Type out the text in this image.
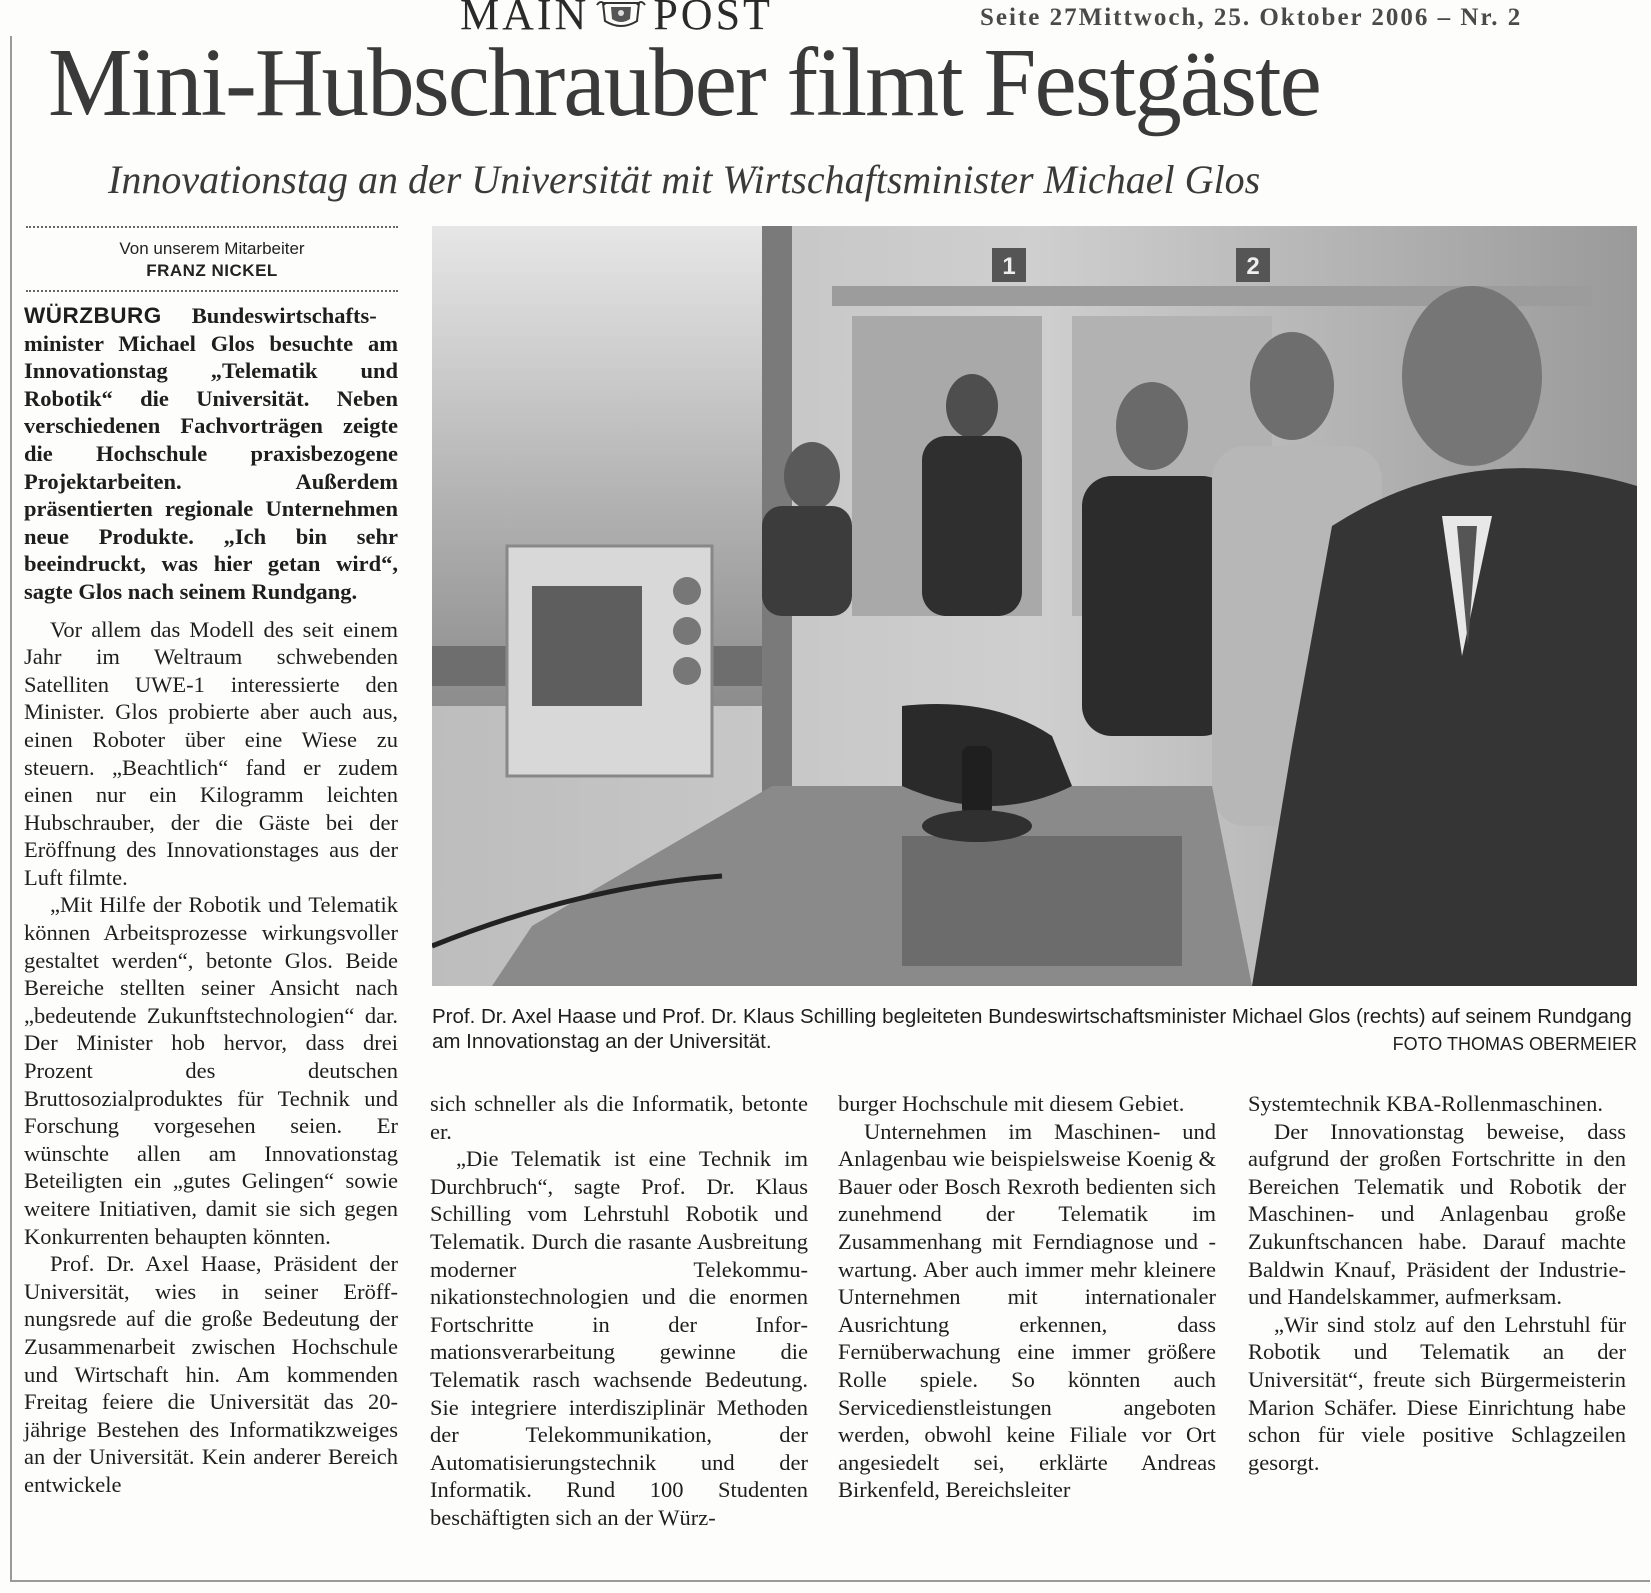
MAIN POST	Seite 27Mittwoch, 25. Oktober 2006 – Nr. 2
Mini-Hubschrauber filmt Festgäste
Innovationstag an der Universität mit Wirtschaftsminister Michael Glos
Von unserem Mitarbeiter
FRANZ NICKEL

WÜRZBURG Bundeswirtschaftsminister Michael Glos besuchte am Innovationstag „Telematik und Robotik“ die Universität. Neben verschiedenen Fachvorträgen zeigte die Hochschule praxisbezogene Projektarbeiten. Außerdem präsentierten regionale Unternehmen neue Produkte. „Ich bin sehr beeindruckt, was hier getan wird“, sagte Glos nach seinem Rundgang.

Vor allem das Modell des seit einem Jahr im Weltraum schwebenden Satelliten UWE-1 interessierte den Minister. Glos probierte aber auch aus, einen Roboter über eine Wiese zu steuern. „Beachtlich“ fand er zudem einen nur ein Kilogramm leichten Hubschrauber, der die Gäste bei der Eröffnung des Innovationstages aus der Luft filmte.

„Mit Hilfe der Robotik und Telematik können Arbeitsprozesse wirkungsvoller gestaltet werden“, betonte Glos. Beide Bereiche stellten seiner Ansicht nach „bedeutende Zukunftstechnologien“ dar. Der Minister hob hervor, dass drei Prozent des deutschen Bruttosozialproduktes für Technik und Forschung vorgesehen seien. Er wünschte allen am Innovationstag Beteiligten ein „gutes Gelingen“ sowie weitere Initiativen, damit sie sich gegen Konkurrenten behaupten könnten.

Prof. Dr. Axel Haase, Präsident der Universität, wies in seiner Eröffnungsrede auf die große Bedeutung der Zusammenarbeit zwischen Hochschule und Wirtschaft hin. Am kommenden Freitag feiere die Universität das 20-jährige Bestehen des Informatikzweiges an der Universität. Kein anderer Bereich entwickele

1	2
Prof. Dr. Axel Haase und Prof. Dr. Klaus Schilling begleiteten Bundeswirtschaftsminister Michael Glos (rechts) auf seinem Rundgang am Innovationstag an der Universität.	FOTO THOMAS OBERMEIER

sich schneller als die Informatik, betonte er.

„Die Telematik ist eine Technik im Durchbruch“, sagte Prof. Dr. Klaus Schilling vom Lehrstuhl Robotik und Telematik. Durch die rasante Ausbreitung moderner Telekommunikationstechnologien und die enormen Fortschritte in der Informationsverarbeitung gewinne die Telematik rasch wachsende Bedeutung. Sie integriere interdisziplinär Methoden der Telekommunikation, der Automatisierungstechnik und der Informatik. Rund 100 Studenten beschäftigten sich an der Würz-

burger Hochschule mit diesem Gebiet.

Unternehmen im Maschinen- und Anlagenbau wie beispielsweise Koenig & Bauer oder Bosch Rexroth bedienten sich zunehmend der Telematik im Zusammenhang mit Ferndiagnose und -wartung. Aber auch immer mehr kleinere Unternehmen mit internationaler Ausrichtung erkennen, dass Fernüberwachung eine immer größere Rolle spiele. So könnten auch Servicedienstleistungen angeboten werden, obwohl keine Filiale vor Ort angesiedelt sei, erklärte Andreas Birkenfeld, Bereichsleiter

Systemtechnik KBA-Rollenmaschinen.

Der Innovationstag beweise, dass aufgrund der großen Fortschritte in den Bereichen Telematik und Robotik der Maschinen- und Anlagenbau große Zukunftschancen habe. Darauf machte Baldwin Knauf, Präsident der Industrie- und Handelskammer, aufmerksam.

„Wir sind stolz auf den Lehrstuhl für Robotik und Telematik an der Universität“, freute sich Bürgermeisterin Marion Schäfer. Diese Einrichtung habe schon für viele positive Schlagzeilen gesorgt.
